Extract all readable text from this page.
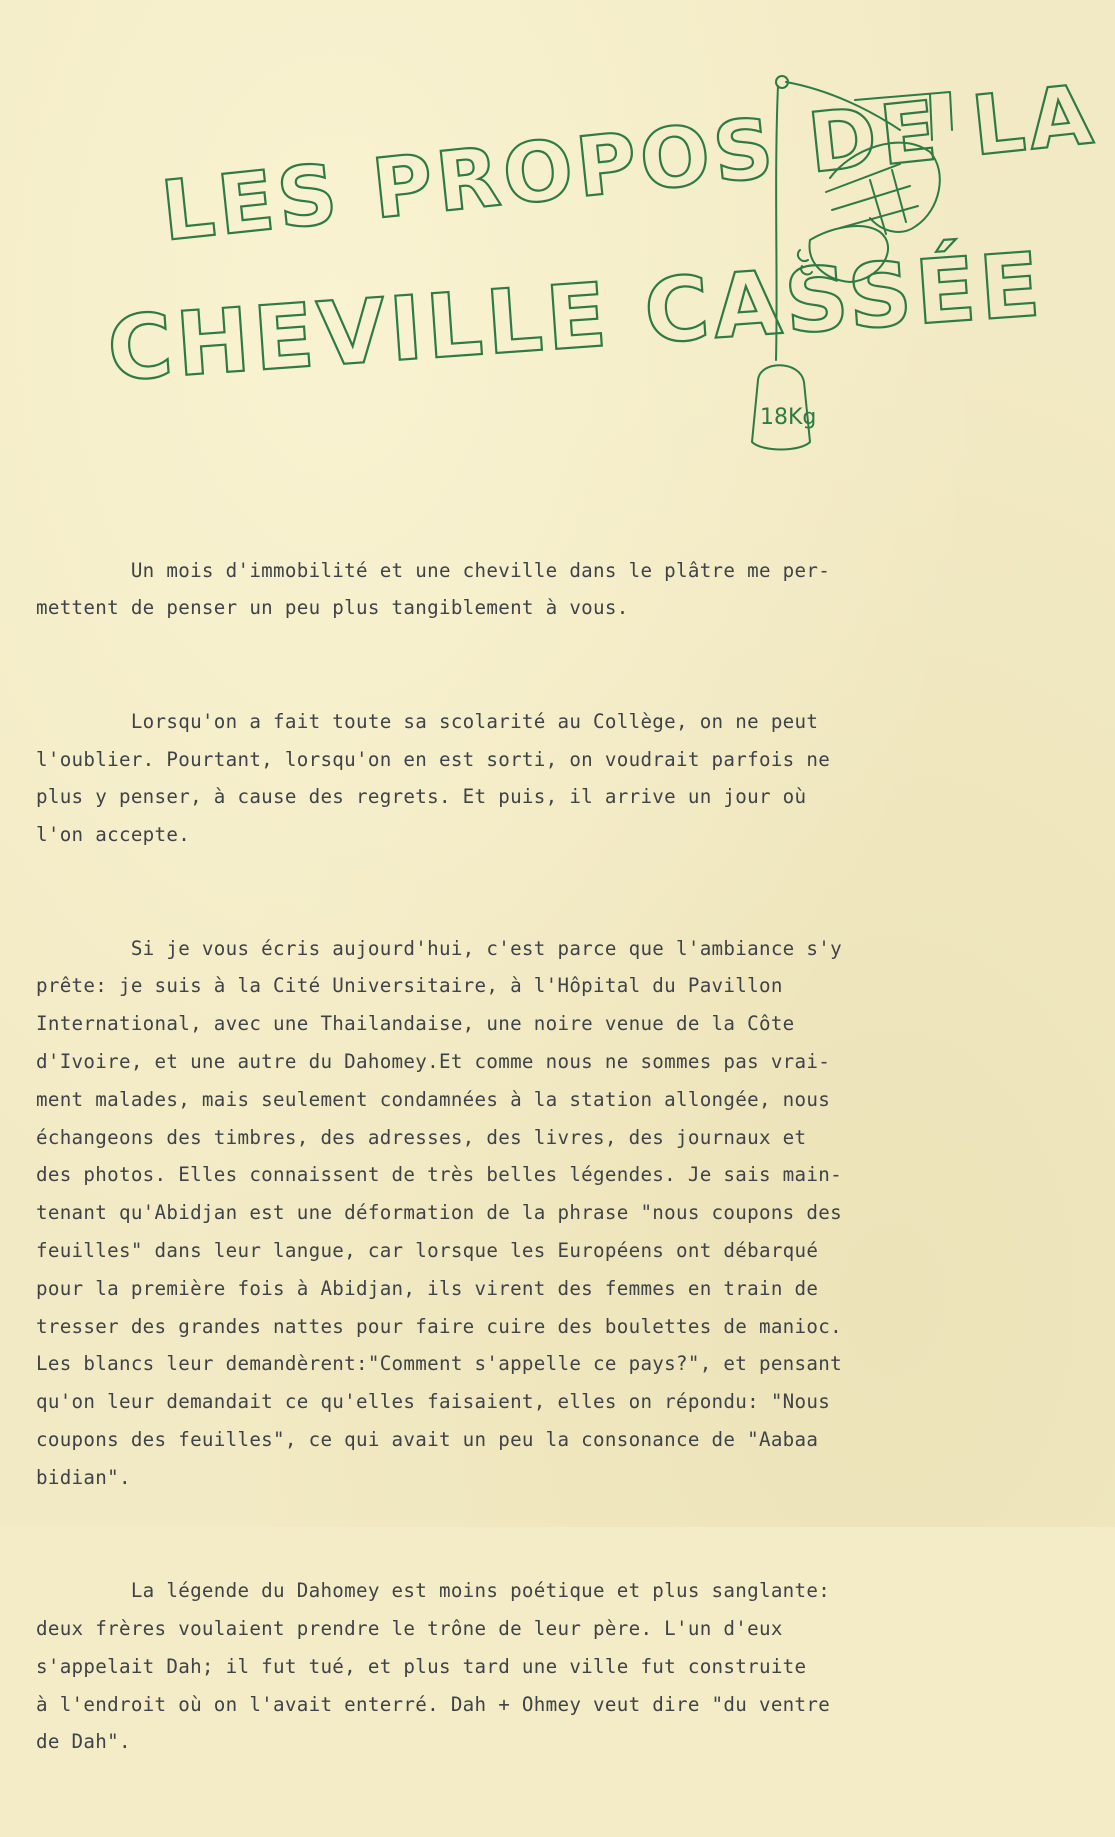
LES PROPOS DE LA
CHEVILLE CASSÉE
18Kg

Un mois d'immobilité et une cheville dans le plâtre me per-
mettent de penser un peu plus tangiblement à vous.

Lorsqu'on a fait toute sa scolarité au Collège, on ne peut
l'oublier. Pourtant, lorsqu'on en est sorti, on voudrait parfois ne
plus y penser, à cause des regrets. Et puis, il arrive un jour où
l'on accepte.

Si je vous écris aujourd'hui, c'est parce que l'ambiance s'y
prête: je suis à la Cité Universitaire, à l'Hôpital du Pavillon
International, avec une Thailandaise, une noire venue de la Côte
d'Ivoire, et une autre du Dahomey.Et comme nous ne sommes pas vrai-
ment malades, mais seulement condamnées à la station allongée, nous
échangeons des timbres, des adresses, des livres, des journaux et
des photos. Elles connaissent de très belles légendes. Je sais main-
tenant qu'Abidjan est une déformation de la phrase "nous coupons des
feuilles" dans leur langue, car lorsque les Européens ont débarqué
pour la première fois à Abidjan, ils virent des femmes en train de
tresser des grandes nattes pour faire cuire des boulettes de manioc.
Les blancs leur demandèrent:"Comment s'appelle ce pays?", et pensant
qu'on leur demandait ce qu'elles faisaient, elles on répondu: "Nous
coupons des feuilles", ce qui avait un peu la consonance de "Aabaa
bidian".

La légende du Dahomey est moins poétique et plus sanglante:
deux frères voulaient prendre le trône de leur père. L'un d'eux
s'appelait Dah; il fut tué, et plus tard une ville fut construite
à l'endroit où on l'avait enterré. Dah + Ohmey veut dire "du ventre
de Dah".
